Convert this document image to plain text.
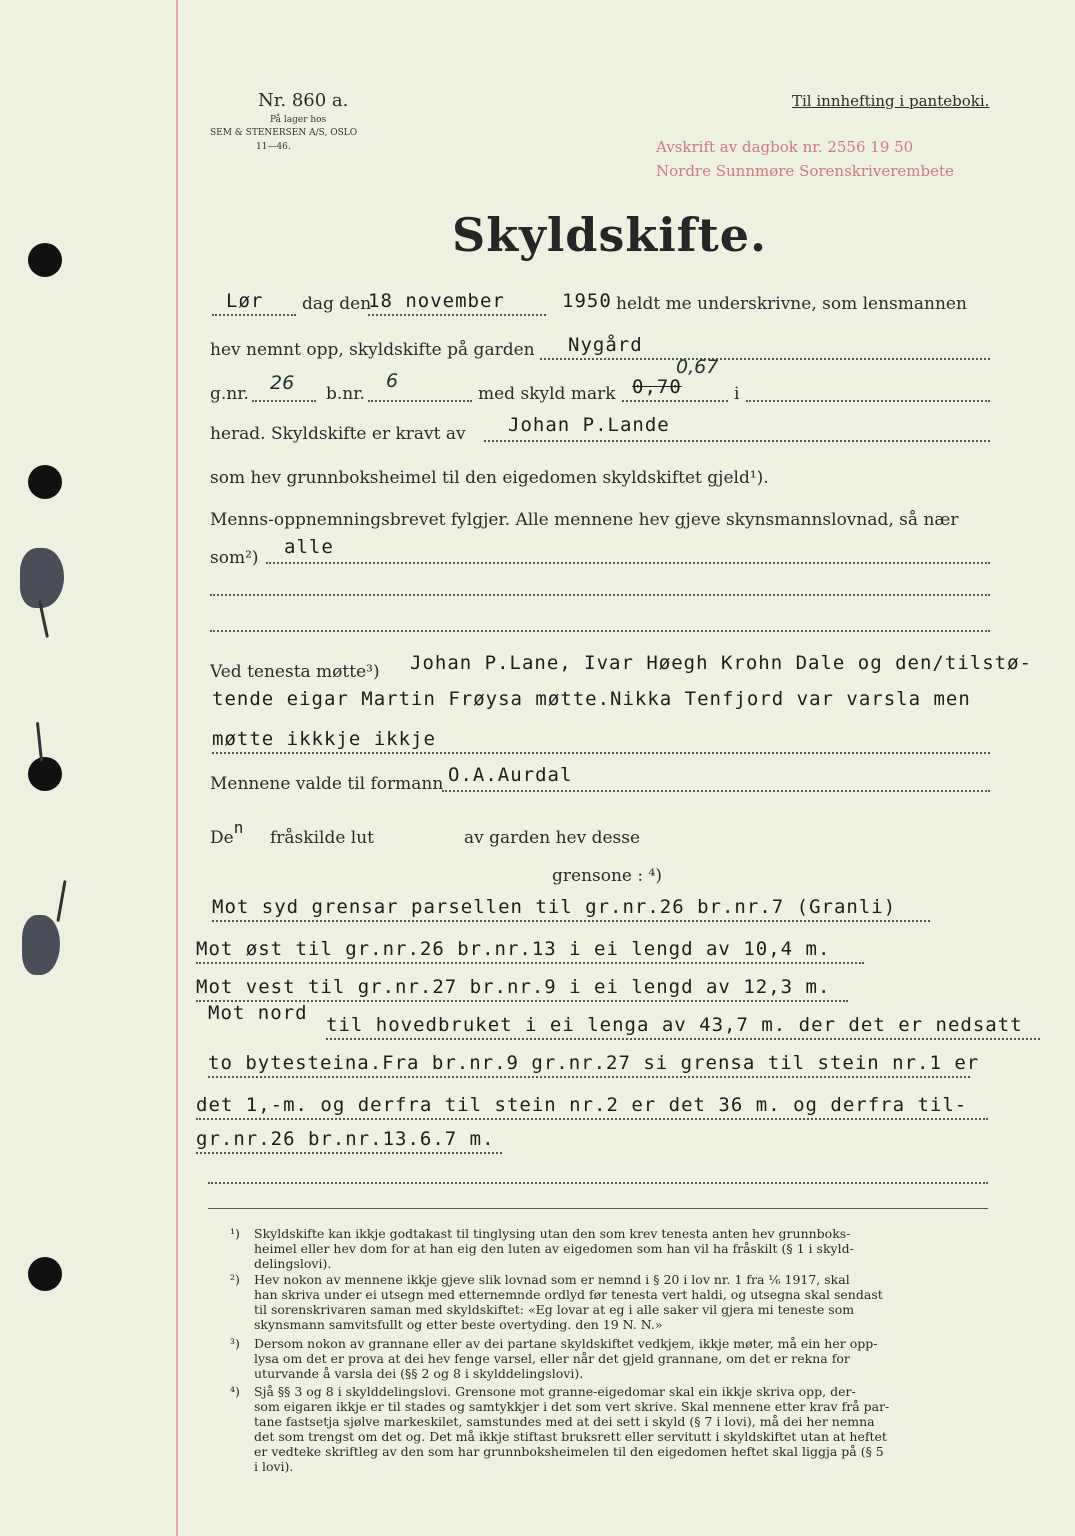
Nr. 860 a.
På lager hos
SEM & STENERSEN A/S, OSLO
11—46.
Til innhefting i panteboki.
Avskrift av dagbok nr. 2556 19 50
Nordre Sunnmøre Sorenskriverembete
Skyldskifte.
Lør dag den
18 november	1950 heldt me underskrivne, som lensmannen
hev nemnt opp, skyldskifte på garden Nygård
g.nr. 26 b.nr.
6
med skyld mark 0,70
0,67
i
herad. Skyldskifte er kravt av Johan P.Lande
som hev grunnboksheimel til den eigedomen skyldskiftet gjeld¹).
Menns-oppnemningsbrevet fylgjer. Alle mennene hev gjeve skynsmannslovnad, så nær
som²) alle
Ved tenesta møtte³) Johan P.Lane, Ivar Høegh Krohn Dale og den/tilstø-
tende eigar Martin Frøysa møtte.Nikka Tenfjord var varsla men
møtte ikkkje ikkje
Mennene valde til formann O.A.Aurdal
Den
fråskilde lut	av garden hev desse
grensone : ⁴)
Mot syd grensar parsellen til gr.nr.26 br.nr.7 (Granli)
Mot øst til gr.nr.26 br.nr.13 i ei lengd av 10,4 m.
Mot vest til gr.nr.27 br.nr.9 i ei lengd av 12,3 m.
Mot nord
til hovedbruket i ei lenga av 43,7 m. der det er nedsatt
to bytesteina.Fra br.nr.9 gr.nr.27 si grensa til stein nr.1 er
det 1,-m. og derfra til stein nr.2 er det 36 m. og derfra til-
gr.nr.26 br.nr.13.6.7 m.
¹) Skyldskifte kan ikkje godtakast til tinglysing utan den som krev tenesta anten hev grunnboks-
heimel eller hev dom for at han eig den luten av eigedomen som han vil ha fråskilt (§ 1 i skyld-
delingslovi).
²) Hev nokon av mennene ikkje gjeve slik lovnad som er nemnd i § 20 i lov nr. 1 fra ⅙ 1917, skal
han skriva under ei utsegn med etternemnde ordlyd før tenesta vert haldi, og utsegna skal sendast
til sorenskrivaren saman med skyldskiftet: «Eg lovar at eg i alle saker vil gjera mi teneste som
skynsmann samvitsfullt og etter beste overtyding. den 19 N. N.»
³) Dersom nokon av grannane eller av dei partane skyldskiftet vedkjem, ikkje møter, må ein her opp-
lysa om det er prova at dei hev fenge varsel, eller når det gjeld grannane, om det er rekna for
uturvande å varsla dei (§§ 2 og 8 i skylddelingslovi).
⁴) Sjå §§ 3 og 8 i skylddelingslovi. Grensone mot granne-eigedomar skal ein ikkje skriva opp, der-
som eigaren ikkje er til stades og samtykkjer i det som vert skrive. Skal mennene etter krav frå par-
tane fastsetja sjølve markeskilet, samstundes med at dei sett i skyld (§ 7 i lovi), må dei her nemna
det som trengst om det og. Det må ikkje stiftast bruksrett eller servitutt i skyldskiftet utan at heftet
er vedteke skriftleg av den som har grunnboksheimelen til den eigedomen heftet skal liggja på (§ 5
i lovi).
